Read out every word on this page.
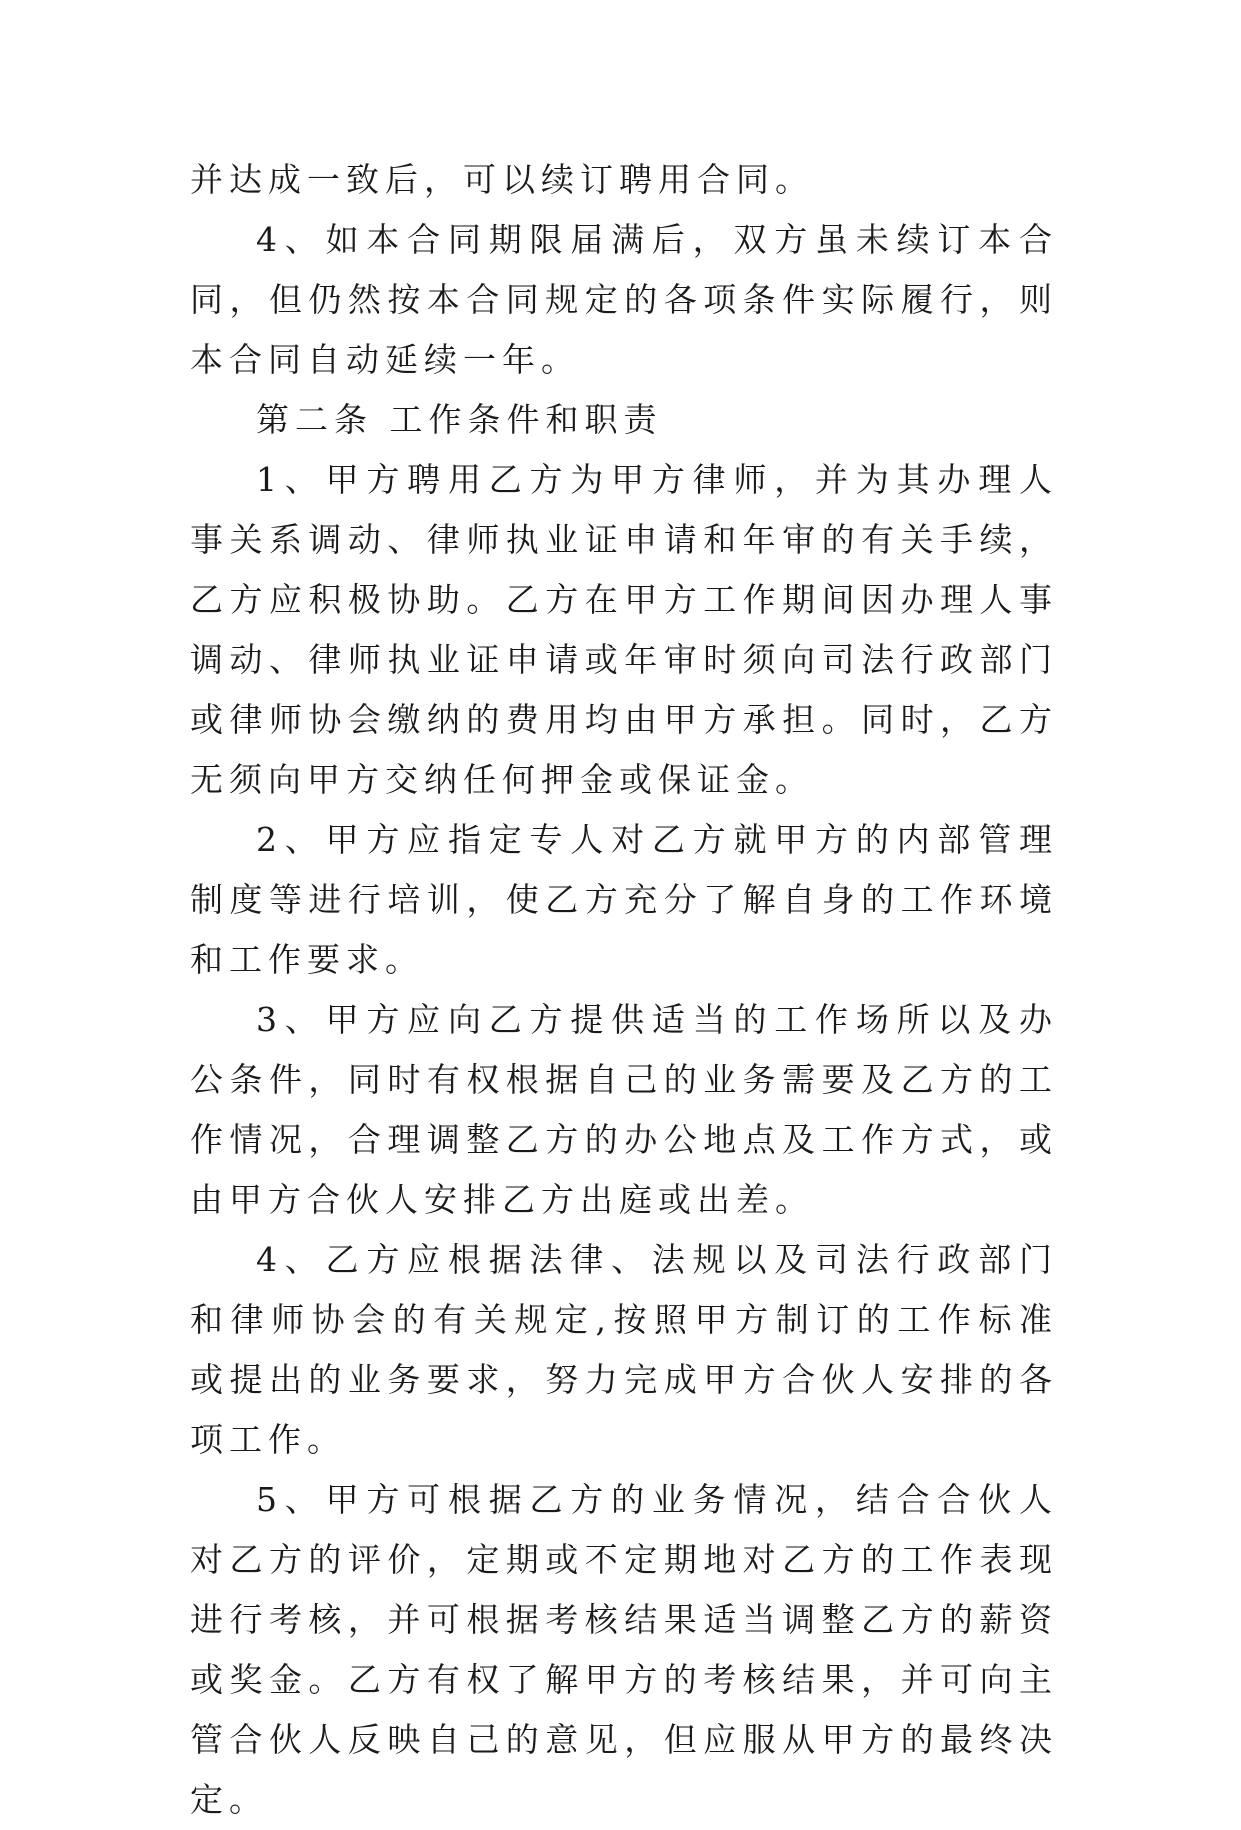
并达成一致后，可以续订聘用合同。

4、如本合同期限届满后，双方虽未续订本合同，但仍然按本合同规定的各项条件实际履行，则本合同自动延续一年。

第二条 工作条件和职责

1、甲方聘用乙方为甲方律师，并为其办理人事关系调动、律师执业证申请和年审的有关手续，乙方应积极协助。乙方在甲方工作期间因办理人事调动、律师执业证申请或年审时须向司法行政部门或律师协会缴纳的费用均由甲方承担。同时，乙方无须向甲方交纳任何押金或保证金。

2、甲方应指定专人对乙方就甲方的内部管理制度等进行培训，使乙方充分了解自身的工作环境和工作要求。

3、甲方应向乙方提供适当的工作场所以及办公条件，同时有权根据自己的业务需要及乙方的工作情况，合理调整乙方的办公地点及工作方式，或由甲方合伙人安排乙方出庭或出差。

4、乙方应根据法律、法规以及司法行政部门和律师协会的有关规定,按照甲方制订的工作标准或提出的业务要求，努力完成甲方合伙人安排的各项工作。

5、甲方可根据乙方的业务情况，结合合伙人对乙方的评价，定期或不定期地对乙方的工作表现进行考核，并可根据考核结果适当调整乙方的薪资或奖金。乙方有权了解甲方的考核结果，并可向主管合伙人反映自己的意见，但应服从甲方的最终决定。
